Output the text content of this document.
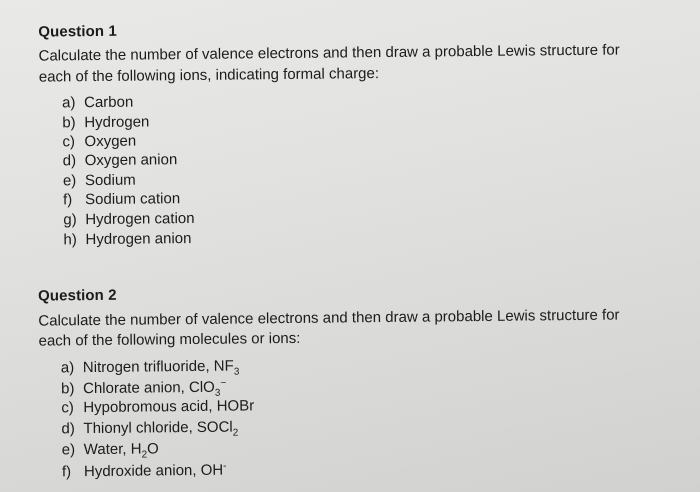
Question 1
Calculate the number of valence electrons and then draw a probable Lewis structure for
each of the following ions, indicating formal charge:
a) Carbon
b) Hydrogen
c) Oxygen
d) Oxygen anion
e) Sodium
f) Sodium cation
g) Hydrogen cation
h) Hydrogen anion
Question 2
Calculate the number of valence electrons and then draw a probable Lewis structure for
each of the following molecules or ions:
a) Nitrogen trifluoride, $NF_3$
b) Chlorate anion, ClO$_3$−
c) Hypobromous acid, HOBr
d) Thionyl chloride, SOCl$_2$
e) Water, $H_2O$
f) Hydroxide anion, OH-
